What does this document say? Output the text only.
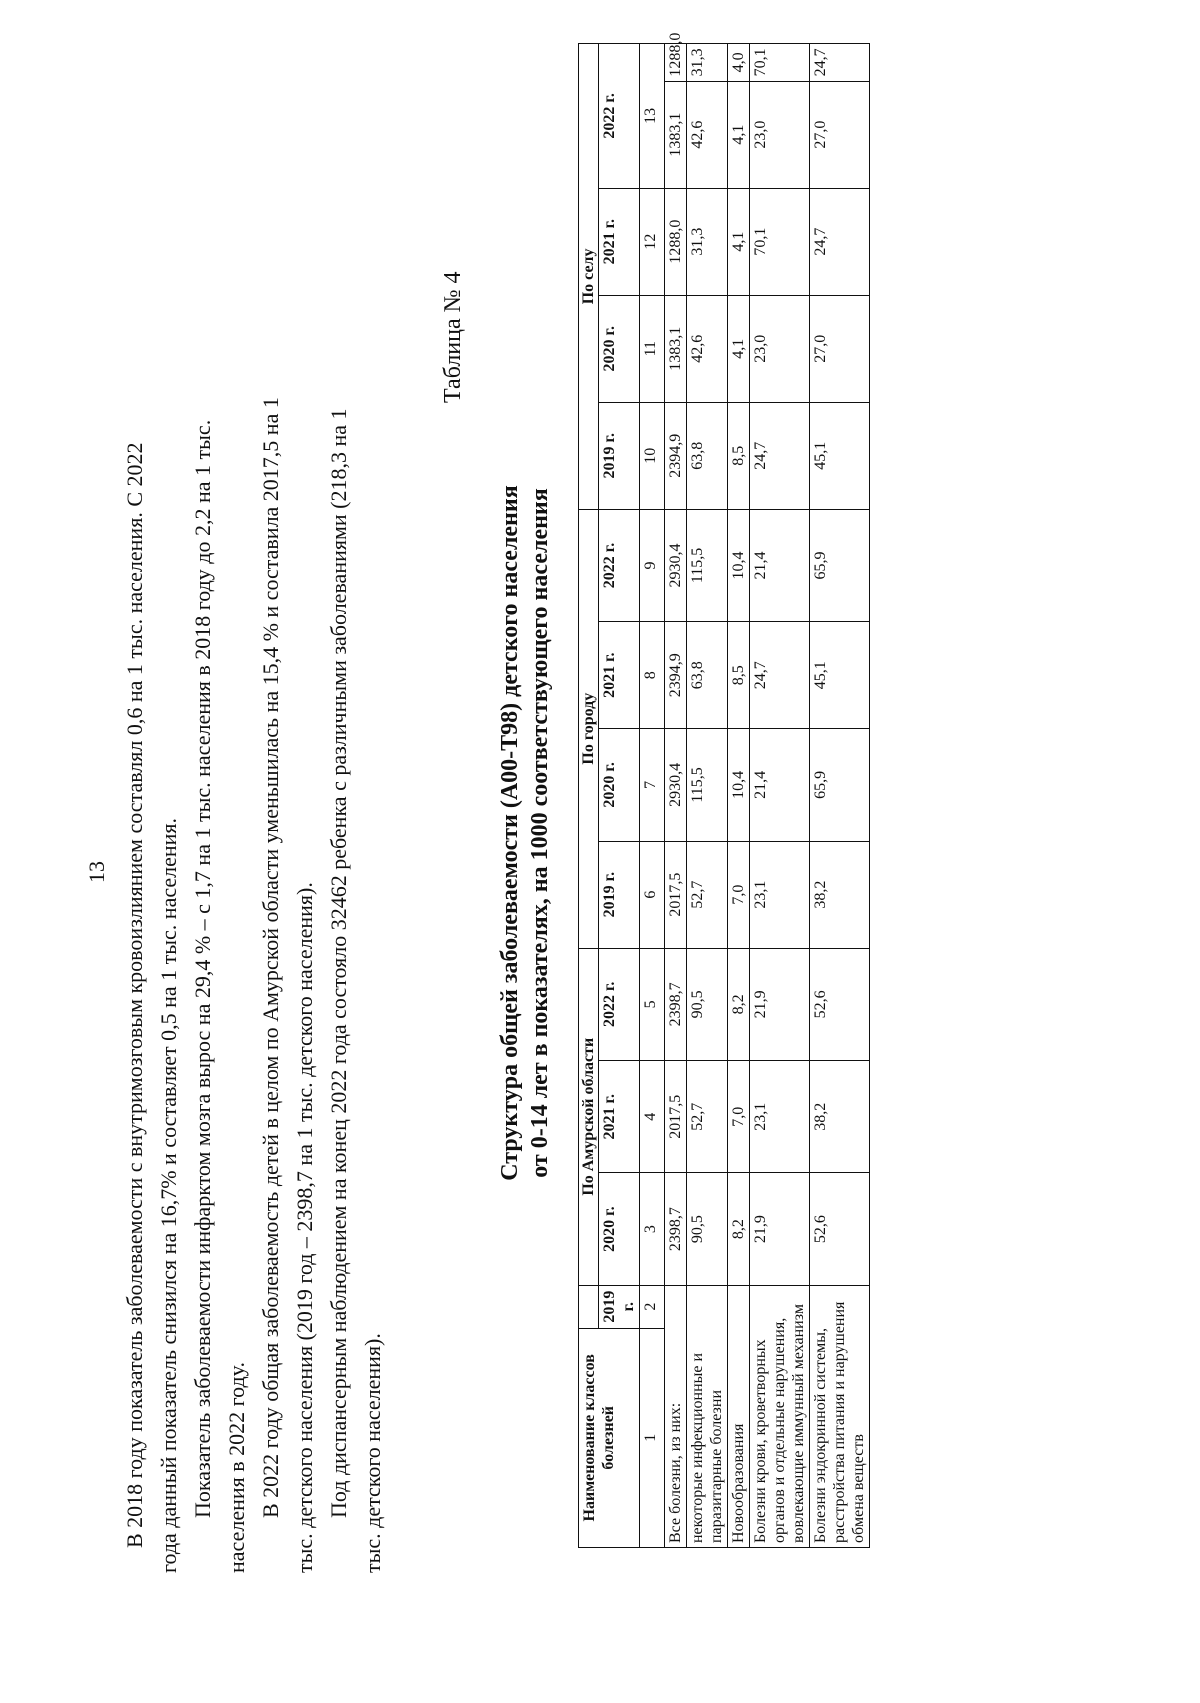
13 В 2018 году показатель заболеваемости с внутримозговым кровоизлиянием составлял 0,6 на 1 тыс. населения. С 2022 года данный показатель снизился на 16,7% и составляет 0,5 на 1 тыс. населения. Показатель заболеваемости инфарктом мозга вырос на 29,4 % – с 1,7 на 1 тыс. населения в 2018 году до 2,2 на 1 тыс. населения в 2022 году. В 2022 году общая заболеваемость детей в целом по Амурской области уменьшилась на 15,4 % и составила 2017,5 на 1 тыс. детского населения (2019 год – 2398,7 на 1 тыс. детского населения). Под диспансерным наблюдением на конец 2022 года состояло 32462 ребенка с различными заболеваниями (218,3 на 1 тыс. детского населения).
Таблица № 4
Структура общей заболеваемости (A00-T98) детского населения от 0-14 лет в показателях, на 1000 соответствующего населения
Наименование классов болезней		По Амурской области			По городу				По селу				
	2019 г.	2020 г.	2021 г.	2022 г.	2019 г.	2020 г.	2021 г.	2022 г.	2019 г.	2020 г.	2021 г.	2022 г.	
1	2	3	4	5	6	7	8	9	10	11	12	13	
Все болезни, из них:		2398,7	2017,5	2398,7	2017,5	2930,4	2394,9	2930,4	2394,9	1383,1	1288,0	1383,1	1288,0
некоторые инфекционные и паразитарные болезни		90,5	52,7	90,5	52,7	115,5	63,8	115,5	63,8	42,6	31,3	42,6	31,3
Новообразования		8,2	7,0	8,2	7,0	10,4	8,5	10,4	8,5	4,1	4,1	4,1	4,0
Болезни крови, кроветворных органов и отдельные нарушения, вовлекающие иммунный механизм		21,9	23,1	21,9	23,1	21,4	24,7	21,4	24,7	23,0	70,1	23,0	70,1
Болезни эндокринной системы, расстройства питания и нарушения обмена веществ		52,6	38,2	52,6	38,2	65,9	45,1	65,9	45,1	27,0	24,7	27,0	24,7
